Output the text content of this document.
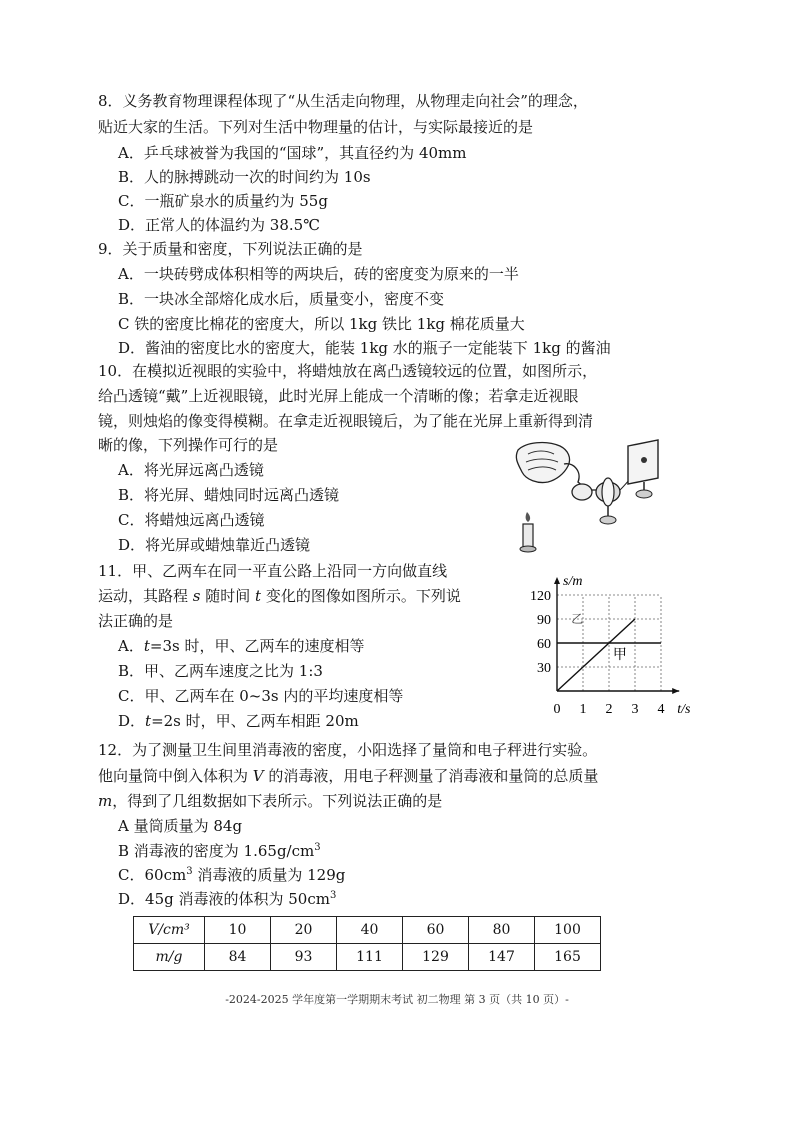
8．义务教育物理课程体现了“从生活走向物理，从物理走向社会”的理念，
贴近大家的生活。下列对生活中物理量的估计，与实际最接近的是
A．乒乓球被誉为我国的“国球”，其直径约为 40mm
B．人的脉搏跳动一次的时间约为 10s
C．一瓶矿泉水的质量约为 55g
D．正常人的体温约为 38.5℃
9．关于质量和密度，下列说法正确的是
A．一块砖劈成体积相等的两块后，砖的密度变为原来的一半
B．一块冰全部熔化成水后，质量变小，密度不变
C 铁的密度比棉花的密度大，所以 1kg 铁比 1kg 棉花质量大
D．酱油的密度比水的密度大，能装 1kg 水的瓶子一定能装下 1kg 的酱油
10．在模拟近视眼的实验中，将蜡烛放在离凸透镜较远的位置，如图所示，
给凸透镜“戴”上近视眼镜，此时光屏上能成一个清晰的像；若拿走近视眼
镜，则烛焰的像变得模糊。在拿走近视眼镜后，为了能在光屏上重新得到清
晰的像，下列操作可行的是
A．将光屏远离凸透镜
B．将光屏、蜡烛同时远离凸透镜
C．将蜡烛远离凸透镜
D．将光屏或蜡烛靠近凸透镜
11．甲、乙两车在同一平直公路上沿同一方向做直线
运动，其路程 s 随时间 t 变化的图像如图所示。下列说
法正确的是
A．t=3s 时，甲、乙两车的速度相等
B．甲、乙两车速度之比为 1:3
C．甲、乙两车在 0~3s 内的平均速度相等
D．t=2s 时，甲、乙两车相距 20m
s/m
t/s
0 1 2 3 4
30
60
90
120
甲
乙
12．为了测量卫生间里消毒液的密度，小阳选择了量筒和电子秤进行实验。
他向量筒中倒入体积为 V 的消毒液，用电子秤测量了消毒液和量筒的总质量
m，得到了几组数据如下表所示。下列说法正确的是
A 量筒质量为 84g
B 消毒液的密度为 $1.65g/cm^3$
C．$60cm^3$ 消毒液的质量为 129g
D．45g 消毒液的体积为 $50cm^3$
V/cm³	10	20	40	60	80	100
m/g	84	93	111	129	147	165
-2024-2025 学年度第一学期期末考试 初二物理 第 3 页（共 10 页）-
